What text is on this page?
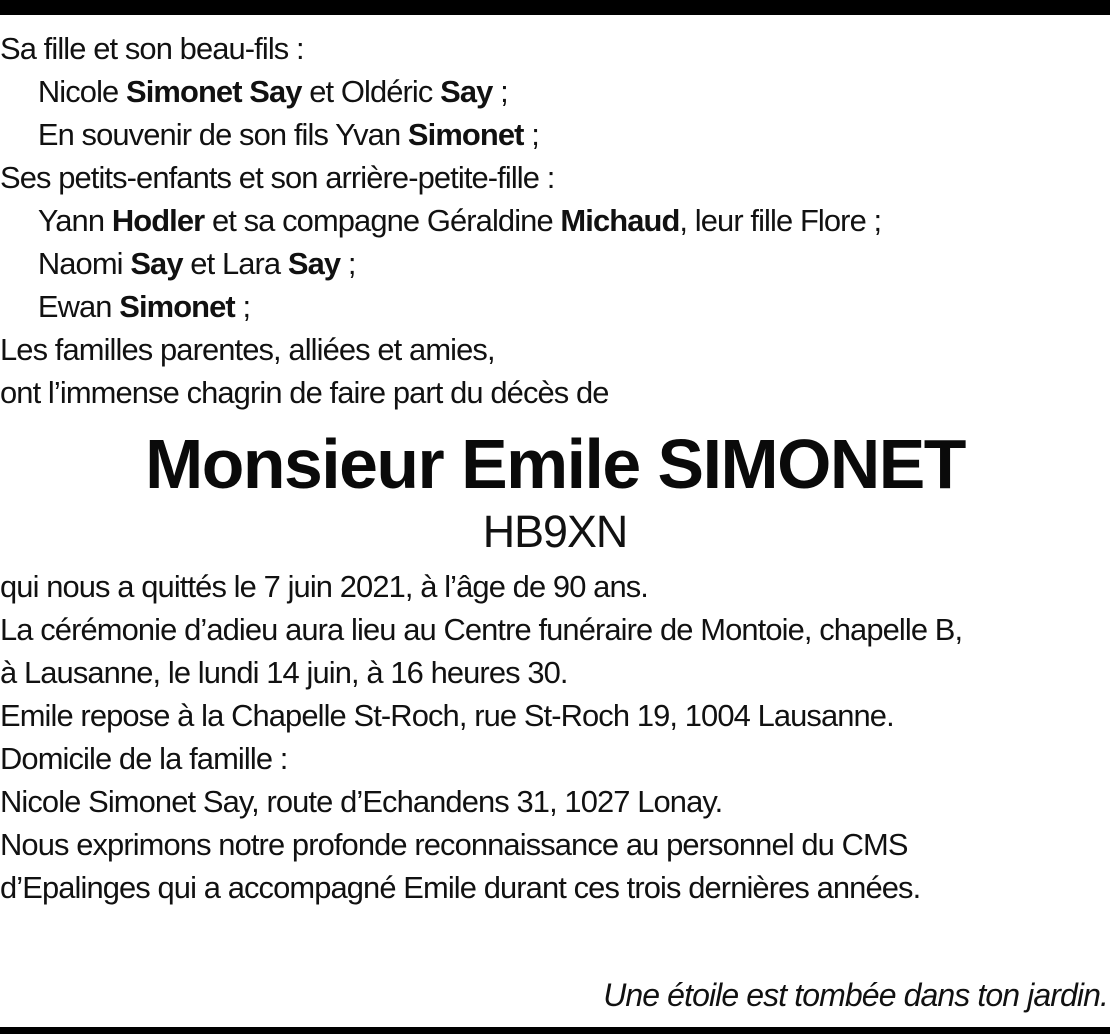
Sa fille et son beau-fils :
Nicole Simonet Say et Oldéric Say ;
En souvenir de son fils Yvan Simonet ;
Ses petits-enfants et son arrière-petite-fille :
Yann Hodler et sa compagne Géraldine Michaud, leur fille Flore ;
Naomi Say et Lara Say ;
Ewan Simonet ;
Les familles parentes, alliées et amies,
ont l’immense chagrin de faire part du décès de
Monsieur Emile SIMONET
HB9XN
qui nous a quittés le 7 juin 2021, à l’âge de 90 ans.
La cérémonie d’adieu aura lieu au Centre funéraire de Montoie, chapelle B,
à Lausanne, le lundi 14 juin, à 16 heures 30.
Emile repose à la Chapelle St-Roch, rue St-Roch 19, 1004 Lausanne.
Domicile de la famille :
Nicole Simonet Say, route d’Echandens 31, 1027 Lonay.
Nous exprimons notre profonde reconnaissance au personnel du CMS
d’Epalinges qui a accompagné Emile durant ces trois dernières années.
Une étoile est tombée dans ton jardin.
